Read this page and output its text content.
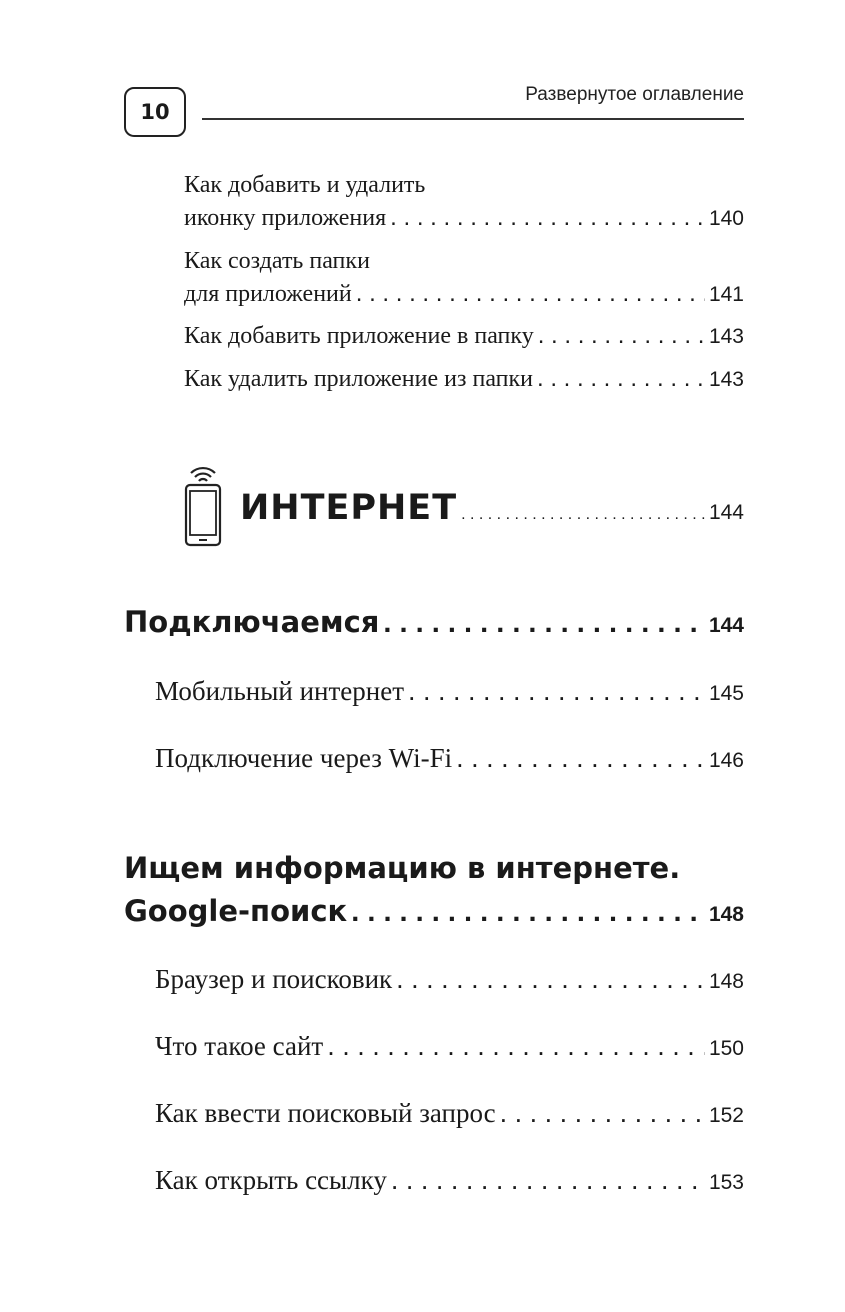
10
Развернутое оглавление
Как добавить и удалить
иконку приложения . . .	140
Как создать папки
для приложений . . .	141
Как добавить приложение в папку . . .	143
Как удалить приложение из папки . . .	143
ИНТЕРНЕТ . . .	144
Подключаемся . . .	144
Мобильный интернет . . .	145
Подключение через Wi-Fi . . .	146
Ищем информацию в интернете.
Google-поиск . . .	148
Браузер и поисковик . . .	148
Что такое сайт . . .	150
Как ввести поисковый запрос . . .	152
Как открыть ссылку . . .	153
